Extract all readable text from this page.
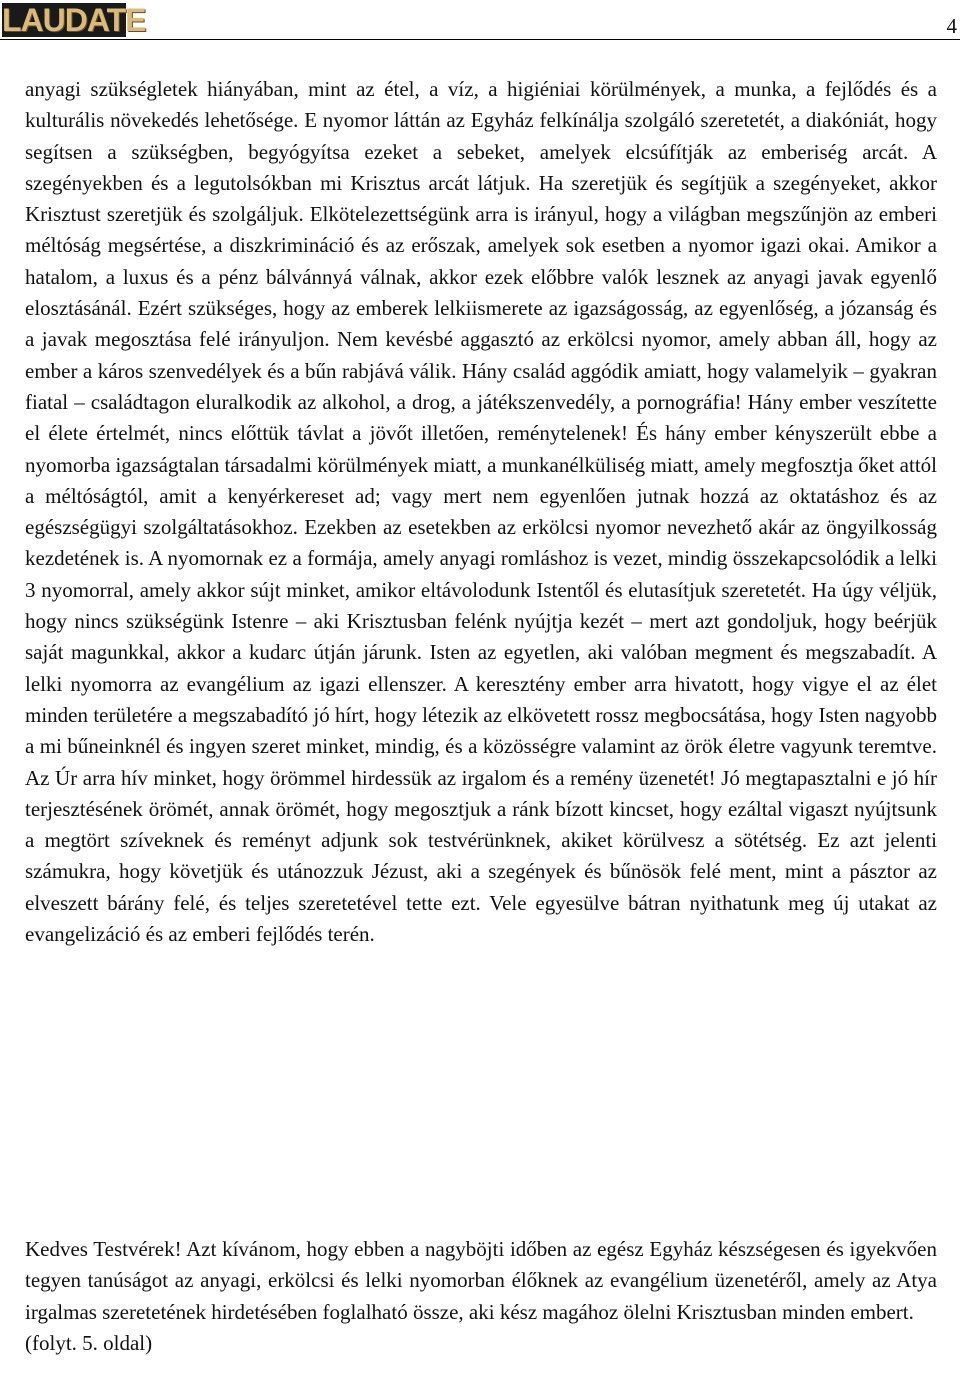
LAUDATE	4

anyagi szükségletek hiányában, mint az étel, a víz, a higiéniai körülmények, a munka, a fejlődés és a kulturális növekedés lehetősége. E nyomor láttán az Egyház felkínálja szolgáló szeretetét, a diakóniát, hogy segítsen a szükségben, begyógyítsa ezeket a sebeket, amelyek elcsúfítják az emberiség arcát. A szegényekben és a legutolsókban mi Krisztus arcát látjuk. Ha szeretjük és segítjük a szegényeket, akkor Krisztust szeretjük és szolgáljuk. Elkötelezettségünk arra is irányul, hogy a világban megszűnjön az emberi méltóság megsértése, a diszkrimináció és az erőszak, amelyek sok esetben a nyomor igazi okai. Amikor a hatalom, a luxus és a pénz bálvánnyá válnak, akkor ezek előbbre valók lesznek az anyagi javak egyenlő elosztásánál. Ezért szükséges, hogy az emberek lelkiismerete az igazságosság, az egyenlőség, a józanság és a javak megosztása felé irányuljon. Nem kevésbé aggasztó az erkölcsi nyomor, amely abban áll, hogy az ember a káros szenvedélyek és a bűn rabjává válik. Hány család aggódik amiatt, hogy valamelyik – gyakran fiatal – családtagon eluralkodik az alkohol, a drog, a játékszenvedély, a pornográfia! Hány ember veszítette el élete értelmét, nincs előttük távlat a jövőt illetően, reménytelenek! És hány ember kényszerült ebbe a nyomorba igazságtalan társadalmi körülmények miatt, a munkanélküliség miatt, amely megfosztja őket attól a méltóságtól, amit a kenyérkereset ad; vagy mert nem egyenlően jutnak hozzá az oktatáshoz és az egészségügyi szolgáltatásokhoz. Ezekben az esetekben az erkölcsi nyomor nevezhető akár az öngyilkosság kezdetének is. A nyomornak ez a formája, amely anyagi romláshoz is vezet, mindig összekapcsolódik a lelki 3 nyomorral, amely akkor sújt minket, amikor eltávolodunk Istentől és elutasítjuk szeretetét. Ha úgy véljük, hogy nincs szükségünk Istenre – aki Krisztusban felénk nyújtja kezét – mert azt gondoljuk, hogy beérjük saját magunkkal, akkor a kudarc útján járunk. Isten az egyetlen, aki valóban megment és megszabadít. A lelki nyomorra az evangélium az igazi ellenszer. A keresztény ember arra hivatott, hogy vigye el az élet minden területére a megszabadító jó hírt, hogy létezik az elkövetett rossz megbocsátása, hogy Isten nagyobb a mi bűneinknél és ingyen szeret minket, mindig, és a közösségre valamint az örök életre vagyunk teremtve. Az Úr arra hív minket, hogy örömmel hirdessük az irgalom és a remény üzenetét! Jó megtapasztalni e jó hír terjesztésének örömét, annak örömét, hogy megosztjuk a ránk bízott kincset, hogy ezáltal vigaszt nyújtsunk a megtört szíveknek és reményt adjunk sok testvérünknek, akiket körülvesz a sötétség. Ez azt jelenti számukra, hogy követjük és utánozzuk Jézust, aki a szegények és bűnösök felé ment, mint a pásztor az elveszett bárány felé, és teljes szeretetével tette ezt. Vele egyesülve bátran nyithatunk meg új utakat az evangelizáció és az emberi fejlődés terén.

Kedves Testvérek! Azt kívánom, hogy ebben a nagyböjti időben az egész Egyház készségesen és igyekvően tegyen tanúságot az anyagi, erkölcsi és lelki nyomorban élőknek az evangélium üzenetéről, amely az Atya irgalmas szeretetének hirdetésében foglalható össze, aki kész magához ölelni Krisztusban minden embert.
(folyt. 5. oldal)
